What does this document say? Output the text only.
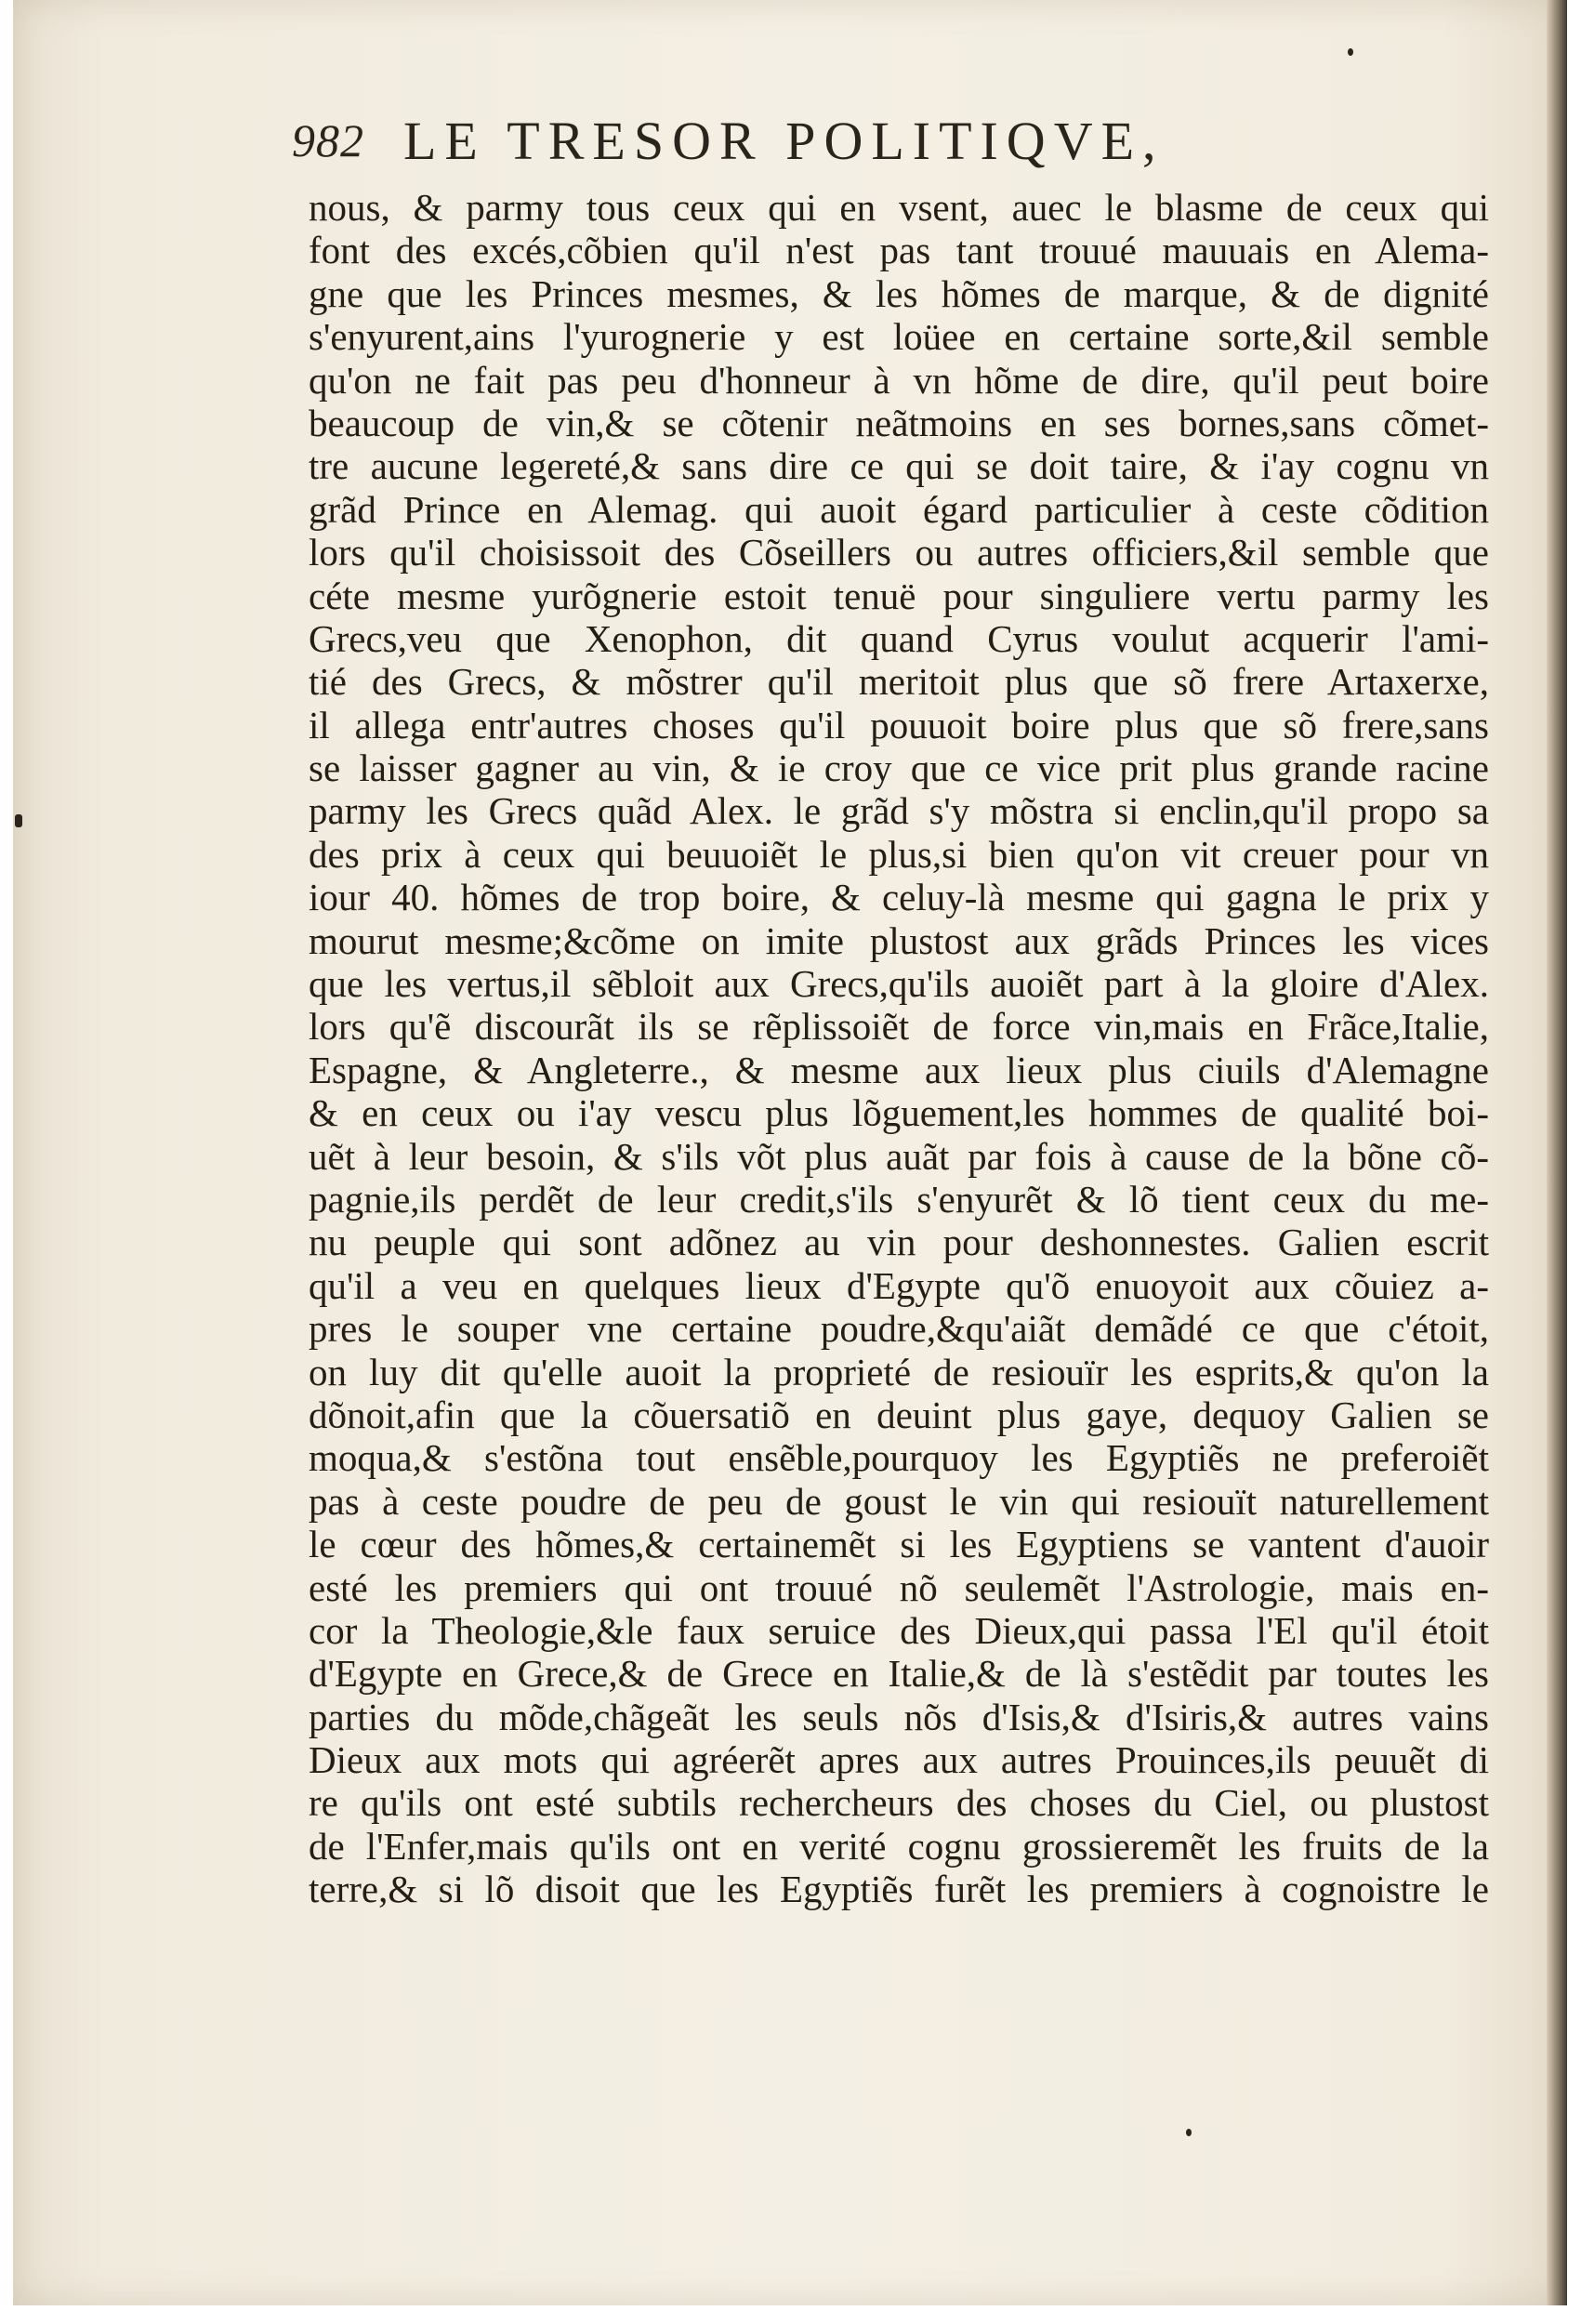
982 LE TRESOR POLITIQVE,
nous, & parmy tous ceux qui en vsent, auec le blasme de ceux qui
font des excés,cõbien qu'il n'est pas tant trouué mauuais en Alema-
gne que les Princes mesmes, & les hõmes de marque, & de dignité
s'enyurent,ains l'yurognerie y est loüee en certaine sorte,&il semble
qu'on ne fait pas peu d'honneur à vn hõme de dire, qu'il peut boire
beaucoup de vin,& se cõtenir neãtmoins en ses bornes,sans cõmet-
tre aucune legereté,& sans dire ce qui se doit taire, & i'ay cognu vn
grãd Prince en Alemag. qui auoit égard particulier à ceste cõdition
lors qu'il choisissoit des Cõseillers ou autres officiers,&il semble que
céte mesme yurõgnerie estoit tenuë pour singuliere vertu parmy les
Grecs,veu que Xenophon, dit quand Cyrus voulut acquerir l'ami-
tié des Grecs, & mõstrer qu'il meritoit plus que sõ frere Artaxerxe,
il allega entr'autres choses qu'il pouuoit boire plus que sõ frere,sans
se laisser gagner au vin, & ie croy que ce vice prit plus grande racine
parmy les Grecs quãd Alex. le grãd s'y mõstra si enclin,qu'il propo sa
des prix à ceux qui beuuoiẽt le plus,si bien qu'on vit creuer pour vn
iour 40. hõmes de trop boire, & celuy-là mesme qui gagna le prix y
mourut mesme;&cõme on imite plustost aux grãds Princes les vices
que les vertus,il sẽbloit aux Grecs,qu'ils auoiẽt part à la gloire d'Alex.
lors qu'ẽ discourãt ils se rẽplissoiẽt de force vin,mais en Frãce,Italie,
Espagne, & Angleterre., & mesme aux lieux plus ciuils d'Alemagne
& en ceux ou i'ay vescu plus lõguement,les hommes de qualité boi-
uẽt à leur besoin, & s'ils võt plus auãt par fois à cause de la bõne cõ-
pagnie,ils perdẽt de leur credit,s'ils s'enyurẽt & lõ tient ceux du me-
nu peuple qui sont adõnez au vin pour deshonnestes. Galien escrit
qu'il a veu en quelques lieux d'Egypte qu'õ enuoyoit aux cõuiez a-
pres le souper vne certaine poudre,&qu'aiãt demãdé ce que c'étoit,
on luy dit qu'elle auoit la proprieté de resiouïr les esprits,& qu'on la
dõnoit,afin que la cõuersatiõ en deuint plus gaye, dequoy Galien se
moqua,& s'estõna tout ensẽble,pourquoy les Egyptiẽs ne preferoiẽt
pas à ceste poudre de peu de goust le vin qui resiouït naturellement
le cœur des hõmes,& certainemẽt si les Egyptiens se vantent d'auoir
esté les premiers qui ont trouué nõ seulemẽt l'Astrologie, mais en-
cor la Theologie,&le faux seruice des Dieux,qui passa l'El qu'il étoit
d'Egypte en Grece,& de Grece en Italie,& de là s'estẽdit par toutes les
parties du mõde,chãgeãt les seuls nõs d'Isis,& d'Isiris,& autres vains
Dieux aux mots qui agréerẽt apres aux autres Prouinces,ils peuuẽt di
re qu'ils ont esté subtils rechercheurs des choses du Ciel, ou plustost
de l'Enfer,mais qu'ils ont en verité cognu grossieremẽt les fruits de la
terre,& si lõ disoit que les Egyptiẽs furẽt les premiers à cognoistre le
